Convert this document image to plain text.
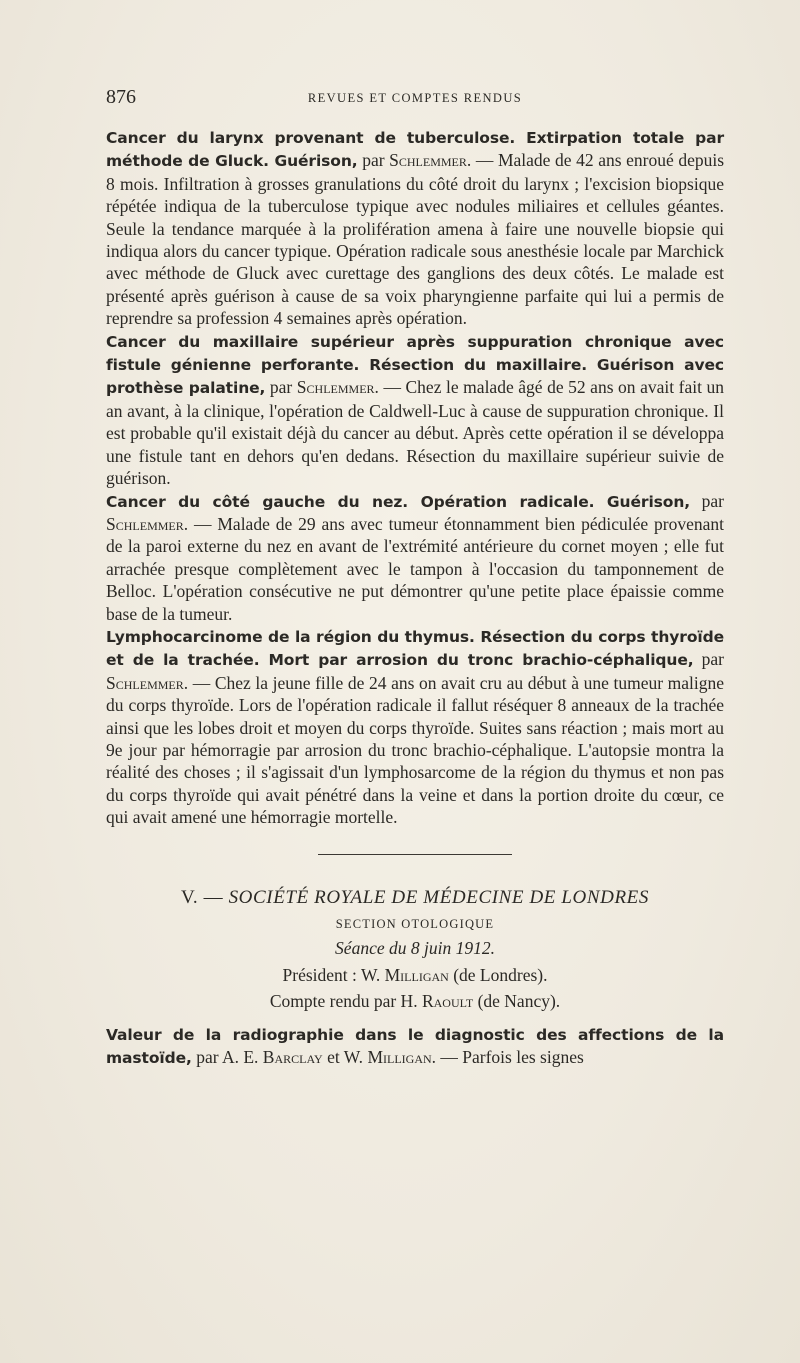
876	REVUES ET COMPTES RENDUS

Cancer du larynx provenant de tuberculose. Extirpation totale par méthode de Gluck. Guérison, par Schlemmer. — Malade de 42 ans enroué depuis 8 mois. Infiltration à grosses granulations du côté droit du larynx ; l'excision biopsique répétée indiqua de la tuberculose typique avec nodules miliaires et cellules géantes. Seule la tendance marquée à la prolifération amena à faire une nouvelle biopsie qui indiqua alors du cancer typique. Opération radicale sous anesthésie locale par Marchick avec méthode de Gluck avec curettage des ganglions des deux côtés. Le malade est présenté après guérison à cause de sa voix pharyngienne parfaite qui lui a permis de reprendre sa profession 4 semaines après opération.

Cancer du maxillaire supérieur après suppuration chronique avec fistule génienne perforante. Résection du maxillaire. Guérison avec prothèse palatine, par Schlemmer. — Chez le malade âgé de 52 ans on avait fait un an avant, à la clinique, l'opération de Caldwell-Luc à cause de suppuration chronique. Il est probable qu'il existait déjà du cancer au début. Après cette opération il se développa une fistule tant en dehors qu'en dedans. Résection du maxillaire supérieur suivie de guérison.

Cancer du côté gauche du nez. Opération radicale. Guérison, par Schlemmer. — Malade de 29 ans avec tumeur étonnamment bien pédiculée provenant de la paroi externe du nez en avant de l'extrémité antérieure du cornet moyen ; elle fut arrachée presque complètement avec le tampon à l'occasion du tamponnement de Belloc. L'opération consécutive ne put démontrer qu'une petite place épaissie comme base de la tumeur.

Lymphocarcinome de la région du thymus. Résection du corps thyroïde et de la trachée. Mort par arrosion du tronc brachio-céphalique, par Schlemmer. — Chez la jeune fille de 24 ans on avait cru au début à une tumeur maligne du corps thyroïde. Lors de l'opération radicale il fallut réséquer 8 anneaux de la trachée ainsi que les lobes droit et moyen du corps thyroïde. Suites sans réaction ; mais mort au 9e jour par hémorragie par arrosion du tronc brachio-céphalique. L'autopsie montra la réalité des choses ; il s'agissait d'un lymphosarcome de la région du thymus et non pas du corps thyroïde qui avait pénétré dans la veine et dans la portion droite du cœur, ce qui avait amené une hémorragie mortelle.

V. — SOCIÉTÉ ROYALE DE MÉDECINE DE LONDRES
SECTION OTOLOGIQUE
Séance du 8 juin 1912.
Président : W. Milligan (de Londres).
Compte rendu par H. Raoult (de Nancy).

Valeur de la radiographie dans le diagnostic des affections de la mastoïde, par A. E. Barclay et W. Milligan. — Parfois les signes
